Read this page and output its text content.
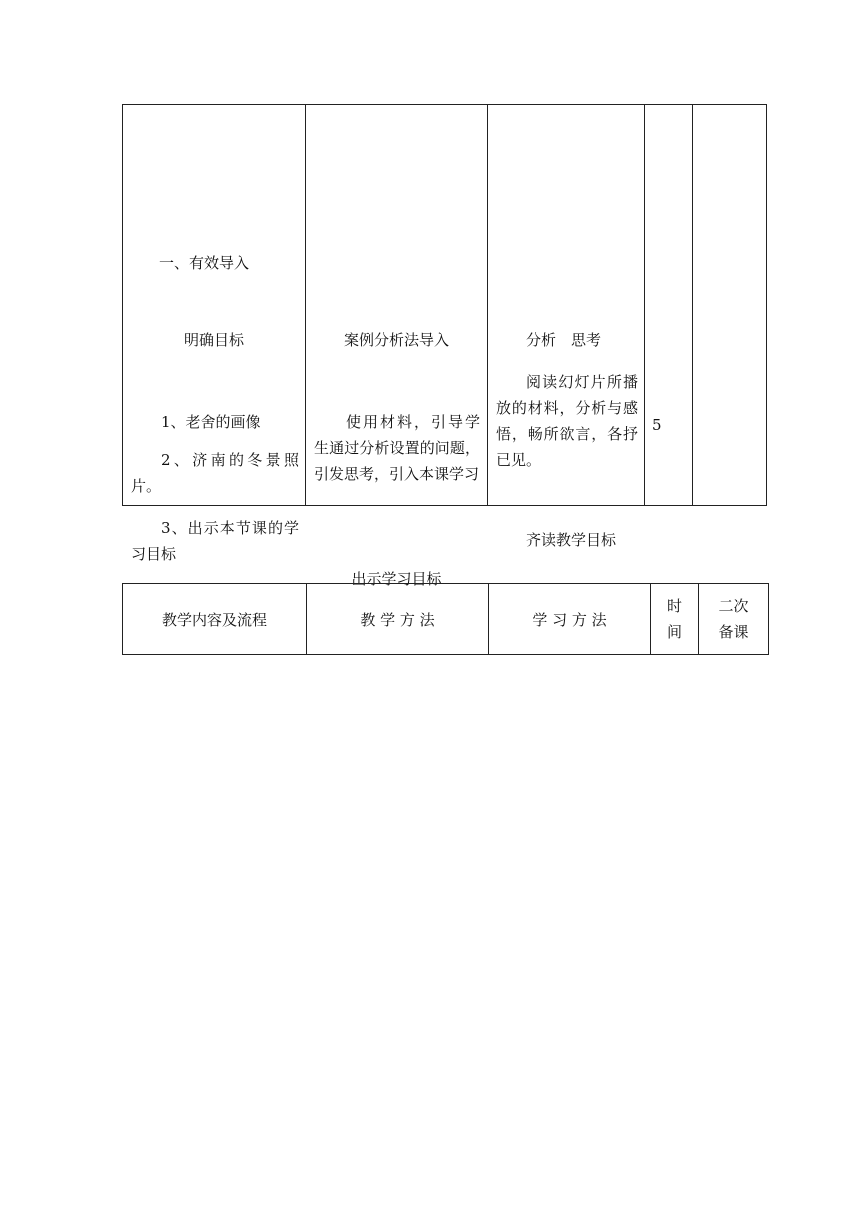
一、有效导入
明确目标
1、老舍的画像
2、济南的冬景照片。
3、出示本节课的学习目标
案例分析法导入
使用材料，引导学生通过分析设置的问题，引发思考，引入本课学习
出示学习目标
分析　思考
阅读幻灯片所播放的材料，分析与感悟，畅所欲言，各抒已见。
齐读教学目标
5
教学内容及流程	教 学 方 法	学 习 方 法
时
间
二次
备课
